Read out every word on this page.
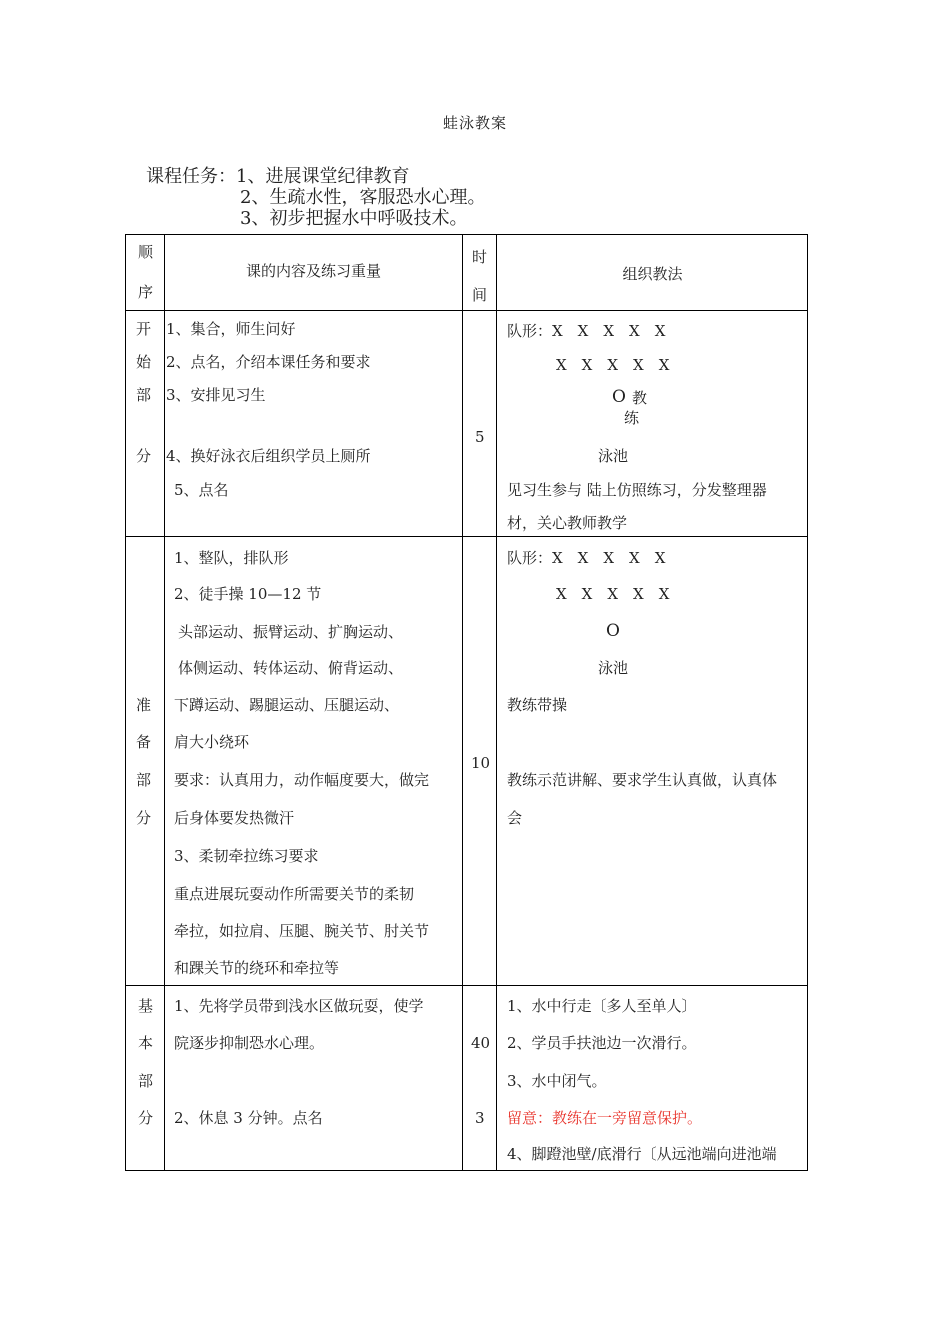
蛙泳教案
课程任务：1、进展课堂纪律教育
2、生疏水性，客服恐水心理。
3、初步把握水中呼吸技术。
顺
序
课的内容及练习重量
时
间
组织教法
开
始
部
分
1、集合，师生问好
2、点名，介绍本课任务和要求
3、安排见习生
4、换好泳衣后组织学员上厕所
5、点名
5
队形：X　X　X　X　X
X　X　X　X　X
O 教
练
泳池
见习生参与 陆上仿照练习，分发整理器
材，关心教师教学
准
备
部
分
1、整队，排队形
2、徒手操 10—12 节
头部运动、振臂运动、扩胸运动、
体侧运动、转体运动、俯背运动、
下蹲运动、踢腿运动、压腿运动、
肩大小绕环
要求：认真用力，动作幅度要大，做完
后身体要发热微汗
3、柔韧牵拉练习要求
重点进展玩耍动作所需要关节的柔韧
牵拉，如拉肩、压腿、腕关节、肘关节
和踝关节的绕环和牵拉等
10
队形：X　X　X　X　X
X　X　X　X　X
O
泳池
教练带操
教练示范讲解、要求学生认真做，认真体
会
基
本
部
分
1、先将学员带到浅水区做玩耍，使学
院逐步抑制恐水心理。
2、休息 3 分钟。点名
40
3
1、水中行走〔多人至单人〕
2、学员手扶池边一次滑行。
3、水中闭气。
留意：教练在一旁留意保护。
4、脚蹬池壁/底滑行〔从远池端向进池端
